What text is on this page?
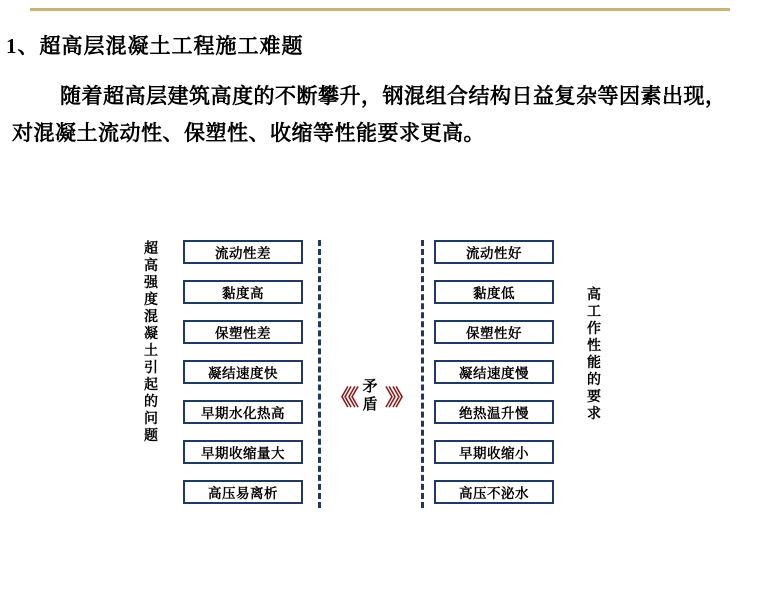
1、超高层混凝土工程施工难题
随着超高层建筑高度的不断攀升，钢混组合结构日益复杂等因素出现，对混凝土流动性、保塑性、收缩等性能要求更高。
超
高
强
度
混
凝
土
引
起
的
问
题
流动性差
黏度高
保塑性差
凝结速度快
早期水化热高
早期收缩量大
高压易离析
《《 矛
盾 》》
流动性好
黏度低
保塑性好
凝结速度慢
绝热温升慢
早期收缩小
高压不泌水
高
工
作
性
能
的
要
求
